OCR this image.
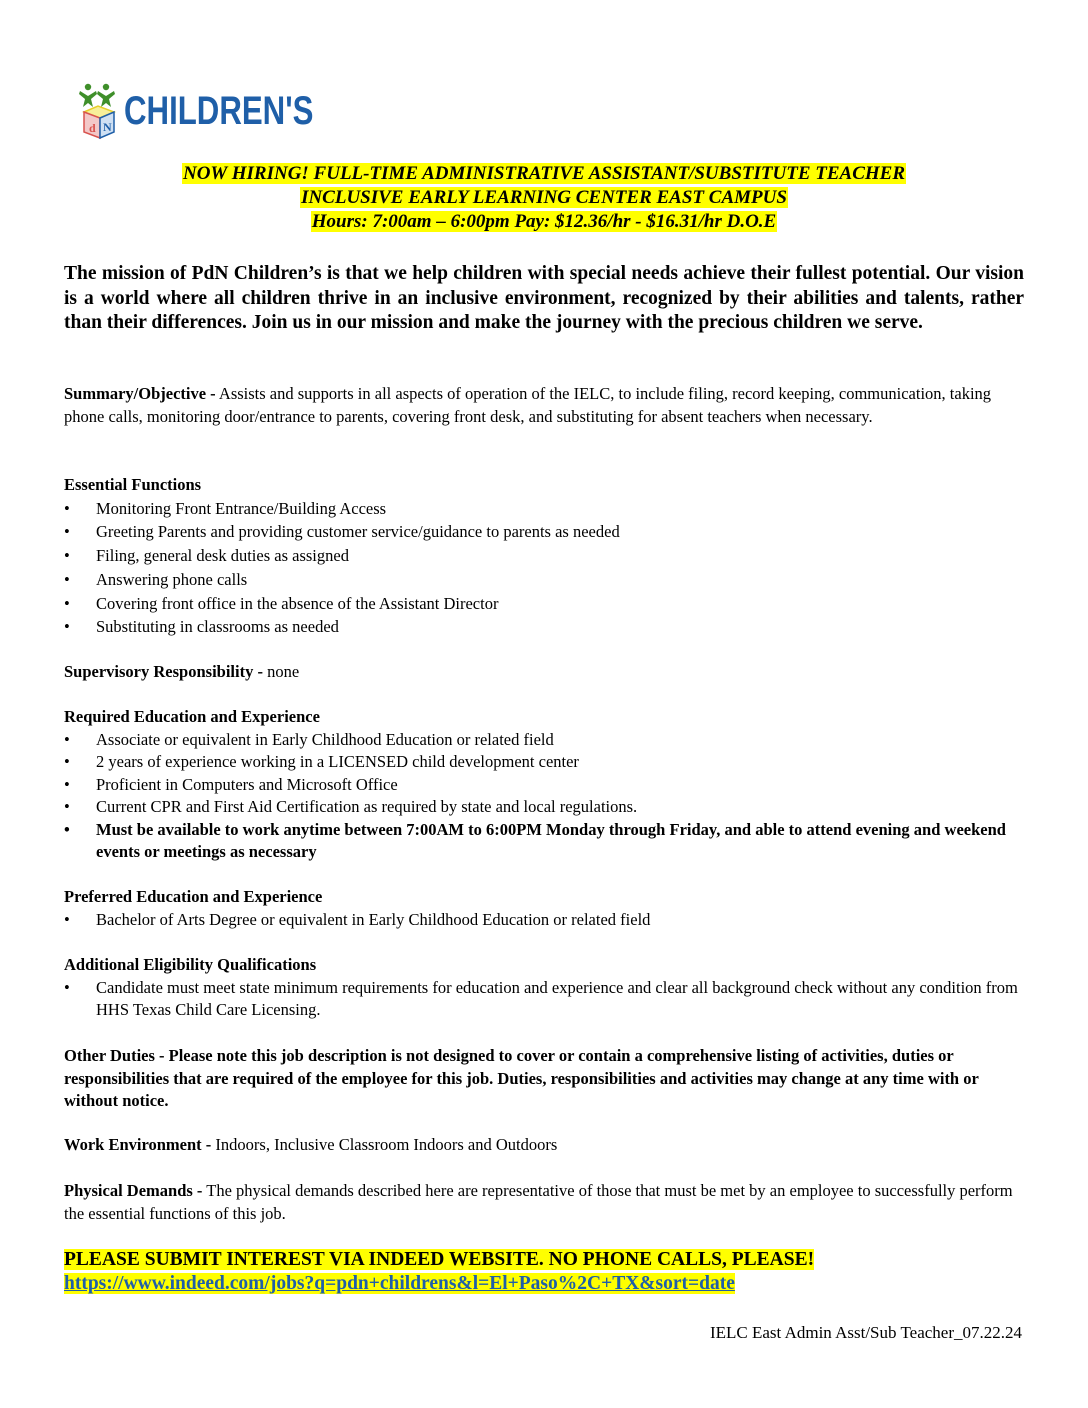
d N CHILDREN'S
NOW HIRING! FULL-TIME ADMINISTRATIVE ASSISTANT/SUBSTITUTE TEACHER
INCLUSIVE EARLY LEARNING CENTER EAST CAMPUS
Hours: 7:00am – 6:00pm Pay: $12.36/hr - $16.31/hr D.O.E
The mission of PdN Children’s is that we help children with special needs achieve their fullest potential. Our vision is a world where all children thrive in an inclusive environment, recognized by their abilities and talents, rather than their differences. Join us in our mission and make the journey with the precious children we serve.
Summary/Objective - Assists and supports in all aspects of operation of the IELC, to include filing, record keeping, communication, taking phone calls, monitoring door/entrance to parents, covering front desk, and substituting for absent teachers when necessary.
Essential Functions
• Monitoring Front Entrance/Building Access
• Greeting Parents and providing customer service/guidance to parents as needed
• Filing, general desk duties as assigned
• Answering phone calls
• Covering front office in the absence of the Assistant Director
• Substituting in classrooms as needed
Supervisory Responsibility - none
Required Education and Experience
• Associate or equivalent in Early Childhood Education or related field
• 2 years of experience working in a LICENSED child development center
• Proficient in Computers and Microsoft Office
• Current CPR and First Aid Certification as required by state and local regulations.
• Must be available to work anytime between 7:00AM to 6:00PM Monday through Friday, and able to attend evening and weekend events or meetings as necessary
Preferred Education and Experience
• Bachelor of Arts Degree or equivalent in Early Childhood Education or related field
Additional Eligibility Qualifications
• Candidate must meet state minimum requirements for education and experience and clear all background check without any condition from HHS Texas Child Care Licensing.
Other Duties - Please note this job description is not designed to cover or contain a comprehensive listing of activities, duties or responsibilities that are required of the employee for this job. Duties, responsibilities and activities may change at any time with or without notice.
Work Environment - Indoors, Inclusive Classroom Indoors and Outdoors
Physical Demands - The physical demands described here are representative of those that must be met by an employee to successfully perform the essential functions of this job.
PLEASE SUBMIT INTEREST VIA INDEED WEBSITE. NO PHONE CALLS, PLEASE!
https://www.indeed.com/jobs?q=pdn+childrens&l=El+Paso%2C+TX&sort=date
IELC East Admin Asst/Sub Teacher_07.22.24
